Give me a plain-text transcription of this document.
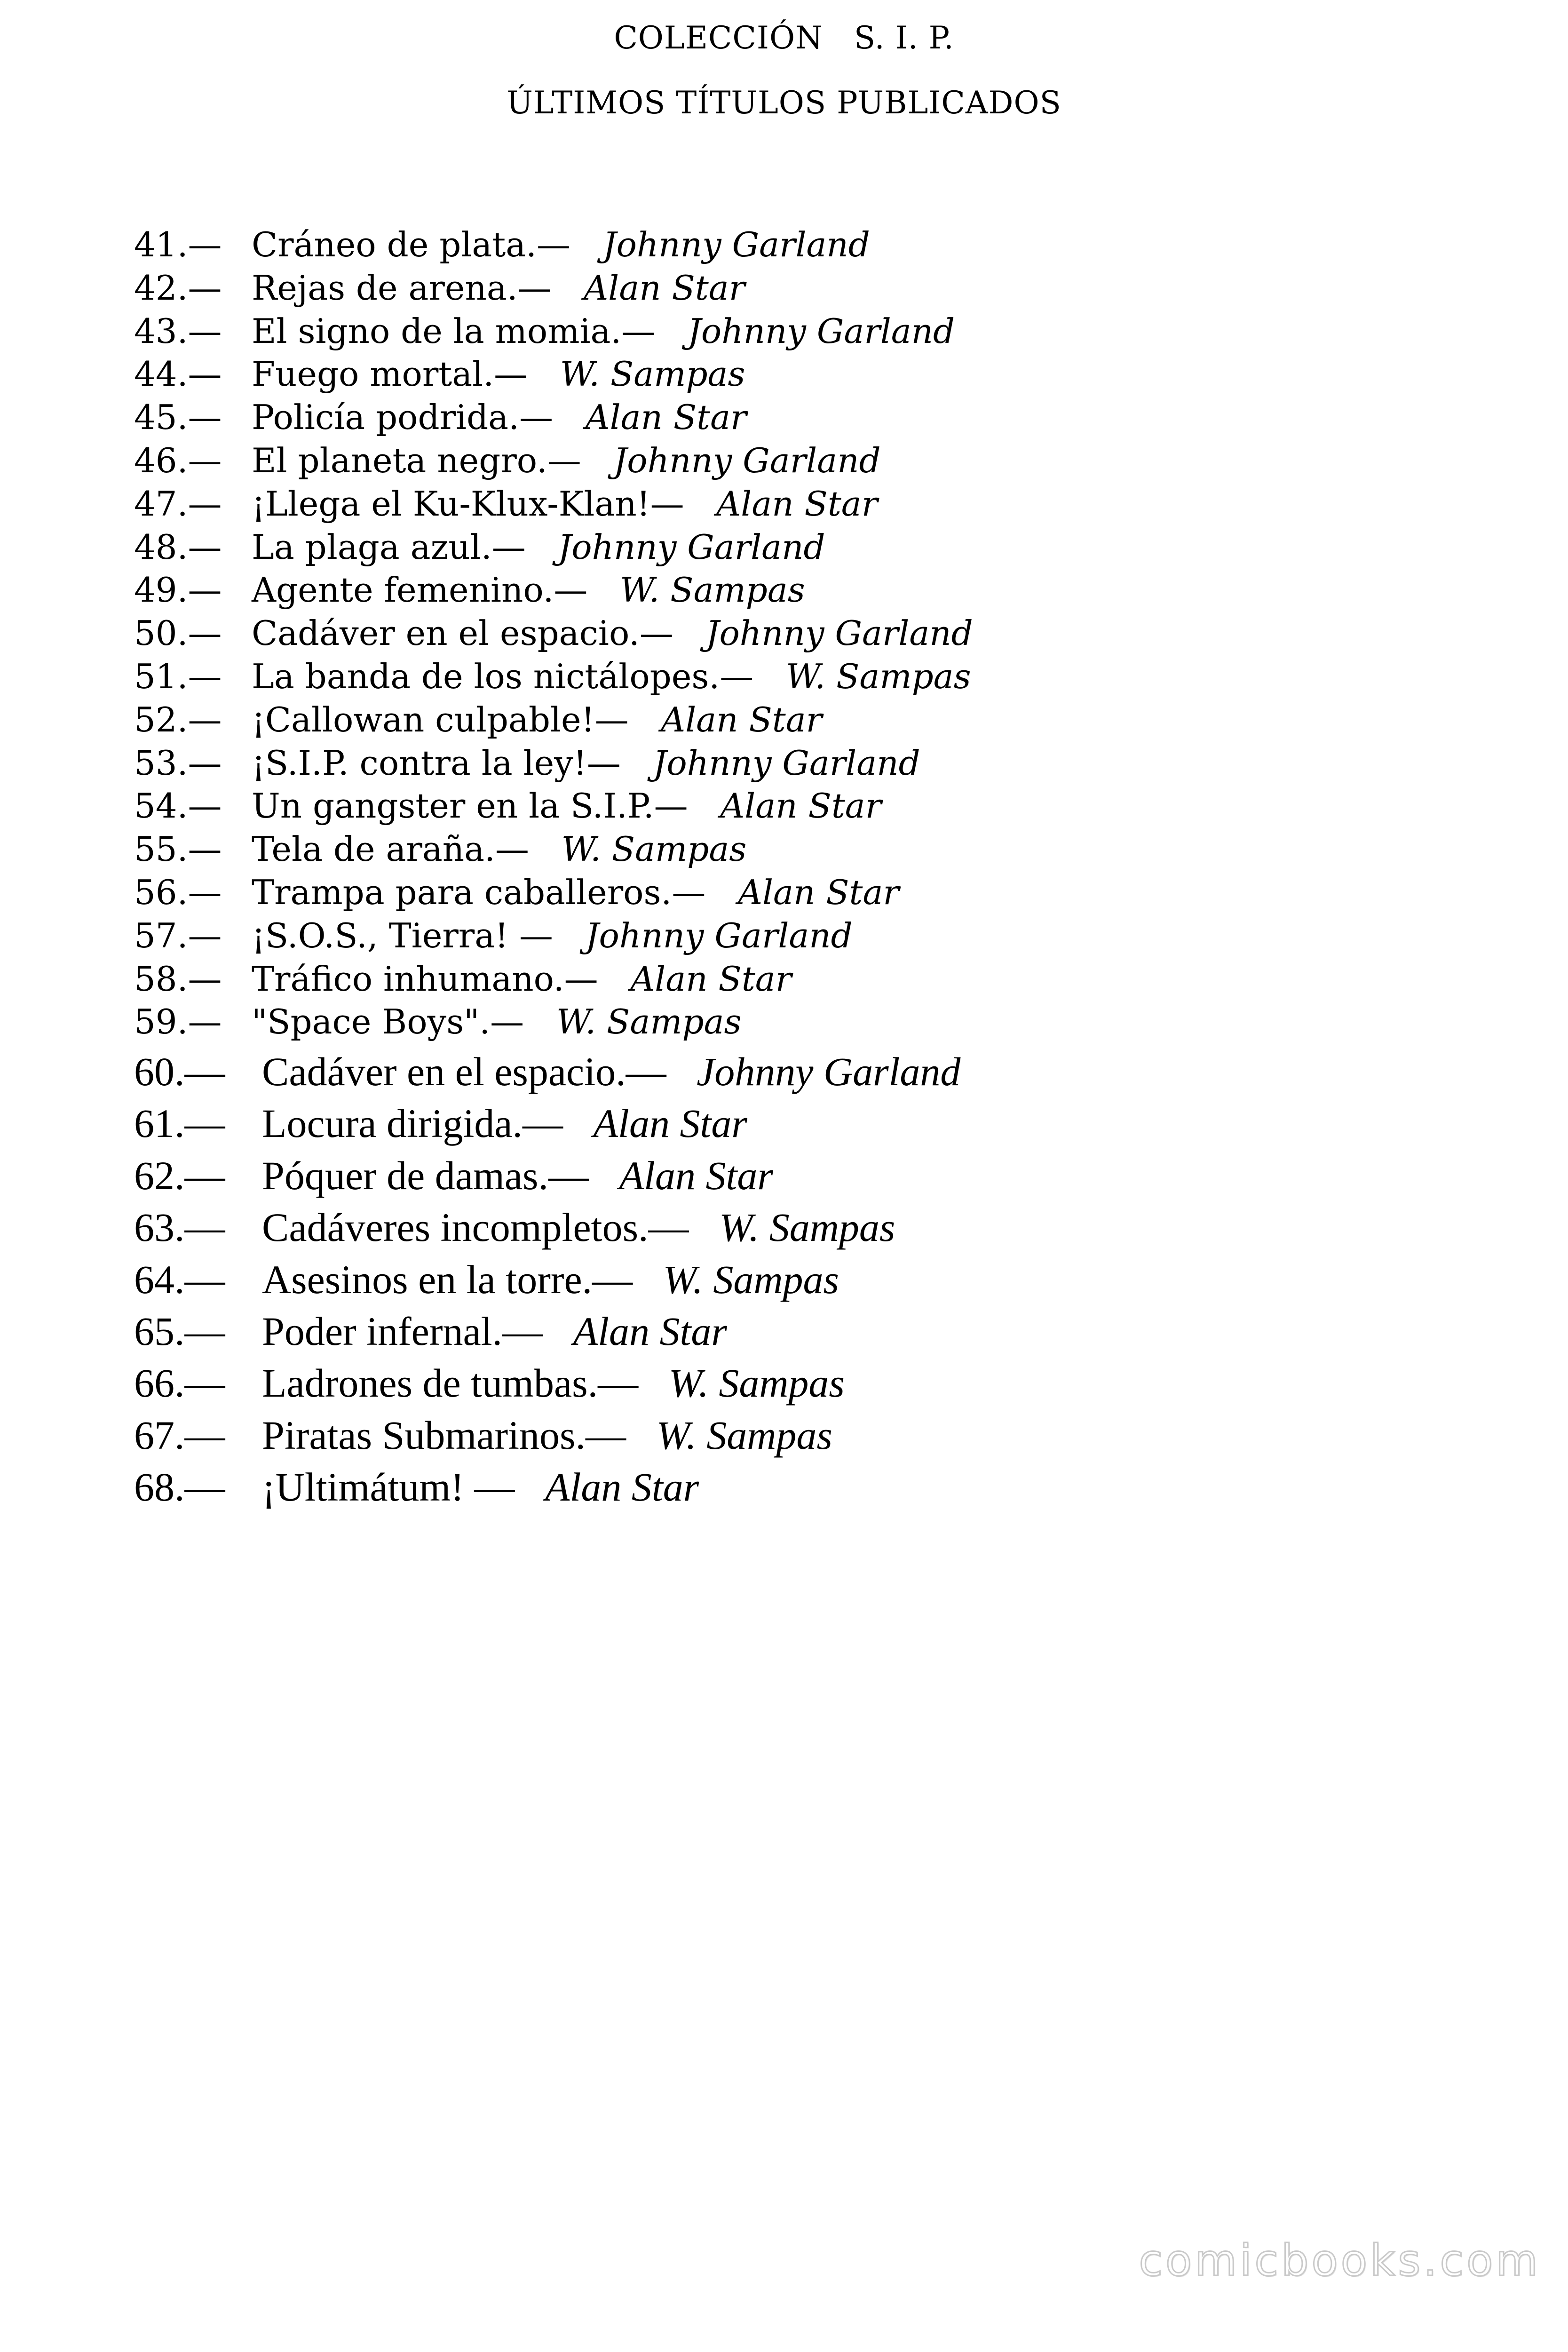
COLECCIÓN S. I. P.
ÚLTIMOS TÍTULOS PUBLICADOS
41.— Cráneo de plata.— Johnny Garland
42.— Rejas de arena.— Alan Star
43.— El signo de la momia.— Johnny Garland
44.— Fuego mortal.— W. Sampas
45.— Policía podrida.— Alan Star
46.— El planeta negro.— Johnny Garland
47.— ¡Llega el Ku-Klux-Klan!— Alan Star
48.— La plaga azul.— Johnny Garland
49.— Agente femenino.— W. Sampas
50.— Cadáver en el espacio.— Johnny Garland
51.— La banda de los nictálopes.— W. Sampas
52.— ¡Callowan culpable!— Alan Star
53.— ¡S.I.P. contra la ley!— Johnny Garland
54.— Un gangster en la S.I.P.— Alan Star
55.— Tela de araña.— W. Sampas
56.— Trampa para caballeros.— Alan Star
57.— ¡S.O.S., Tierra! — Johnny Garland
58.— Tráfico inhumano.— Alan Star
59.— "Space Boys".— W. Sampas
60.— Cadáver en el espacio.— Johnny Garland
61.— Locura dirigida.— Alan Star
62.— Póquer de damas.— Alan Star
63.— Cadáveres incompletos.— W. Sampas
64.— Asesinos en la torre.— W. Sampas
65.— Poder infernal.— Alan Star
66.— Ladrones de tumbas.— W. Sampas
67.— Piratas Submarinos.— W. Sampas
68.— ¡Ultimátum! — Alan Star
comicbooks.com
